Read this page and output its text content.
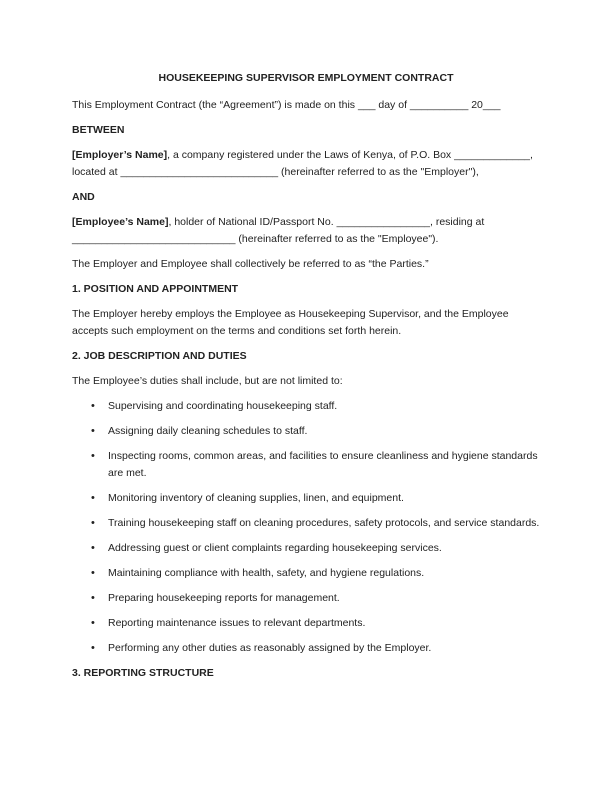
HOUSEKEEPING SUPERVISOR EMPLOYMENT CONTRACT

This Employment Contract (the “Agreement”) is made on this ___ day of __________ 20___

BETWEEN

[Employer’s Name], a company registered under the Laws of Kenya, of P.O. Box _____________, located at ___________________________ (hereinafter referred to as the "Employer"),

AND

[Employee’s Name], holder of National ID/Passport No. ________________, residing at ____________________________ (hereinafter referred to as the "Employee").

The Employer and Employee shall collectively be referred to as “the Parties.”

1. POSITION AND APPOINTMENT

The Employer hereby employs the Employee as Housekeeping Supervisor, and the Employee accepts such employment on the terms and conditions set forth herein.

2. JOB DESCRIPTION AND DUTIES

The Employee’s duties shall include, but are not limited to:

• Supervising and coordinating housekeeping staff.
• Assigning daily cleaning schedules to staff.
• Inspecting rooms, common areas, and facilities to ensure cleanliness and hygiene standards are met.
• Monitoring inventory of cleaning supplies, linen, and equipment.
• Training housekeeping staff on cleaning procedures, safety protocols, and service standards.
• Addressing guest or client complaints regarding housekeeping services.
• Maintaining compliance with health, safety, and hygiene regulations.
• Preparing housekeeping reports for management.
• Reporting maintenance issues to relevant departments.
• Performing any other duties as reasonably assigned by the Employer.
3. REPORTING STRUCTURE
